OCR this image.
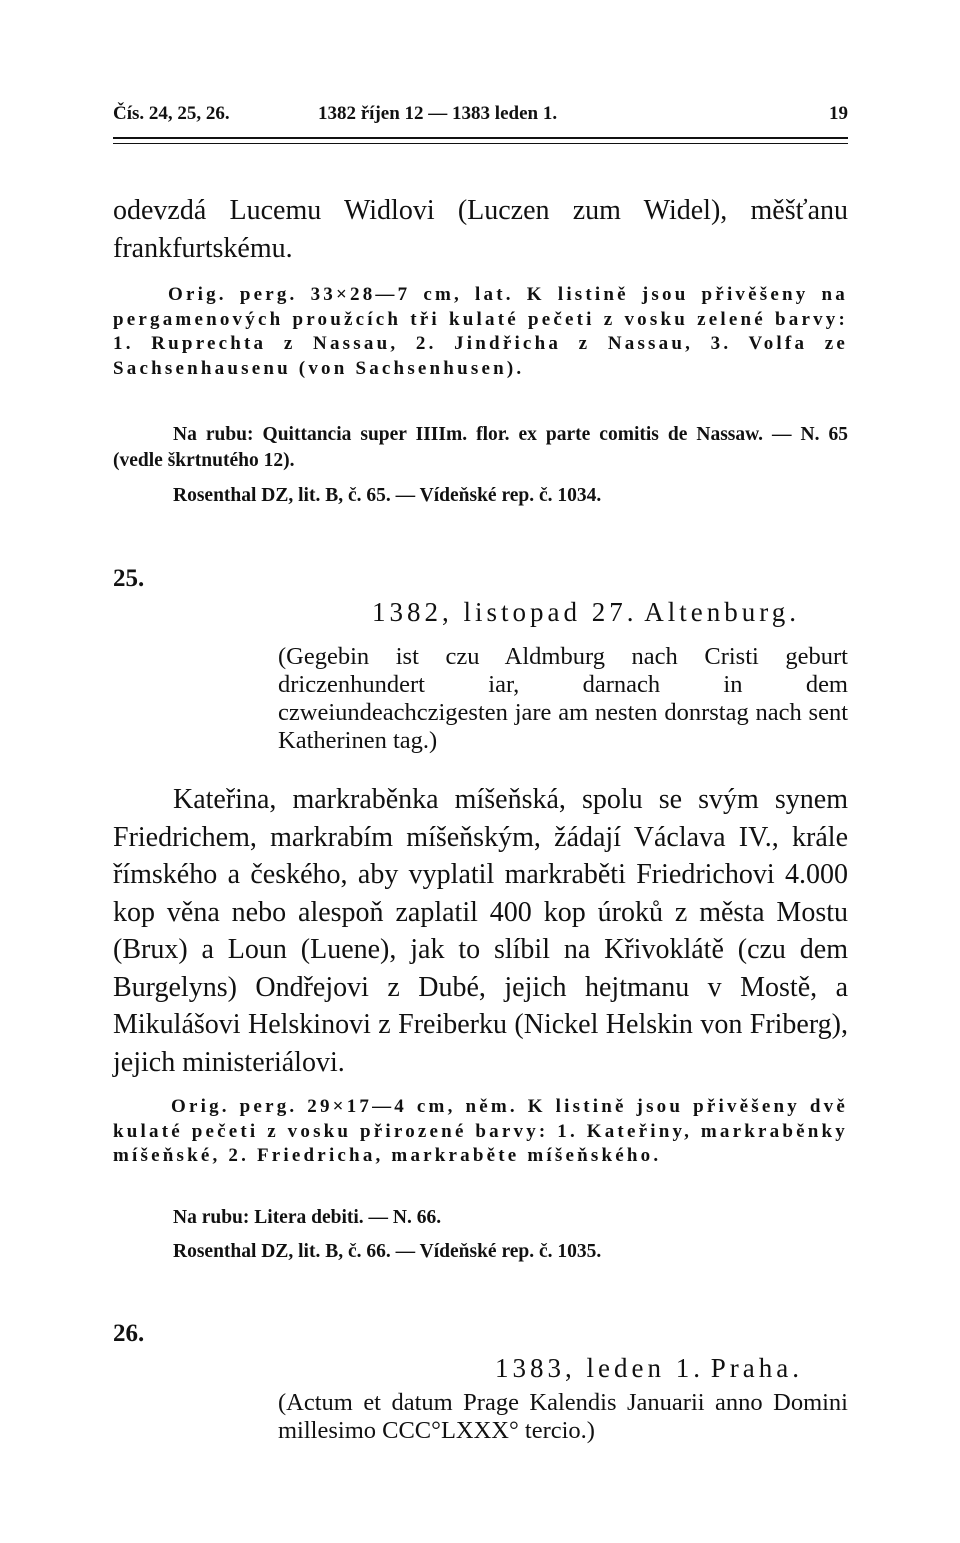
Čís. 24, 25, 26.	1382 říjen 12 — 1383 leden 1.	19

odevzdá Lucemu Widlovi (Luczen zum Widel), měšťanu frankfurtskému.

Orig. perg. 33×28—7 cm, lat. K listině jsou přivěšeny na pergamenových proužcích tři kulaté pečeti z vosku zelené barvy: 1. Ruprechta z Nassau, 2. Jindřicha z Nassau, 3. Volfa ze Sachsenhausenu (von Sachsenhusen).

Na rubu: Quittancia super IIIIm. flor. ex parte comitis de Nassaw. — N. 65 (vedle škrtnutého 12).

Rosenthal DZ, lit. B, č. 65. — Vídeňské rep. č. 1034.

25.
1382, listopad 27. Altenburg.

(Gegebin ist czu Aldmburg nach Cristi geburt driczenhundert iar, darnach in dem czweiundeachczigesten jare am nesten donrstag nach sent Katherinen tag.)

Kateřina, markraběnka míšeňská, spolu se svým synem Friedrichem, markrabím míšeňským, žádají Václava IV., krále římského a českého, aby vyplatil markraběti Friedrichovi 4.000 kop věna nebo alespoň zaplatil 400 kop úroků z města Mostu (Brux) a Loun (Luene), jak to slíbil na Křivoklátě (czu dem Burgelyns) Ondřejovi z Dubé, jejich hejtmanu v Mostě, a Mikulášovi Helskinovi z Freiberku (Nickel Helskin von Friberg), jejich ministeriálovi.

Orig. perg. 29×17—4 cm, něm. K listině jsou přivěšeny dvě kulaté pečeti z vosku přirozené barvy: 1. Kateřiny, markraběnky míšeňské, 2. Friedricha, markraběte míšeňského.

Na rubu: Litera debiti. — N. 66.

Rosenthal DZ, lit. B, č. 66. — Vídeňské rep. č. 1035.

26.
1383, leden 1. Praha.

(Actum et datum Prage Kalendis Januarii anno Domini millesimo CCC°LXXX° tercio.)
